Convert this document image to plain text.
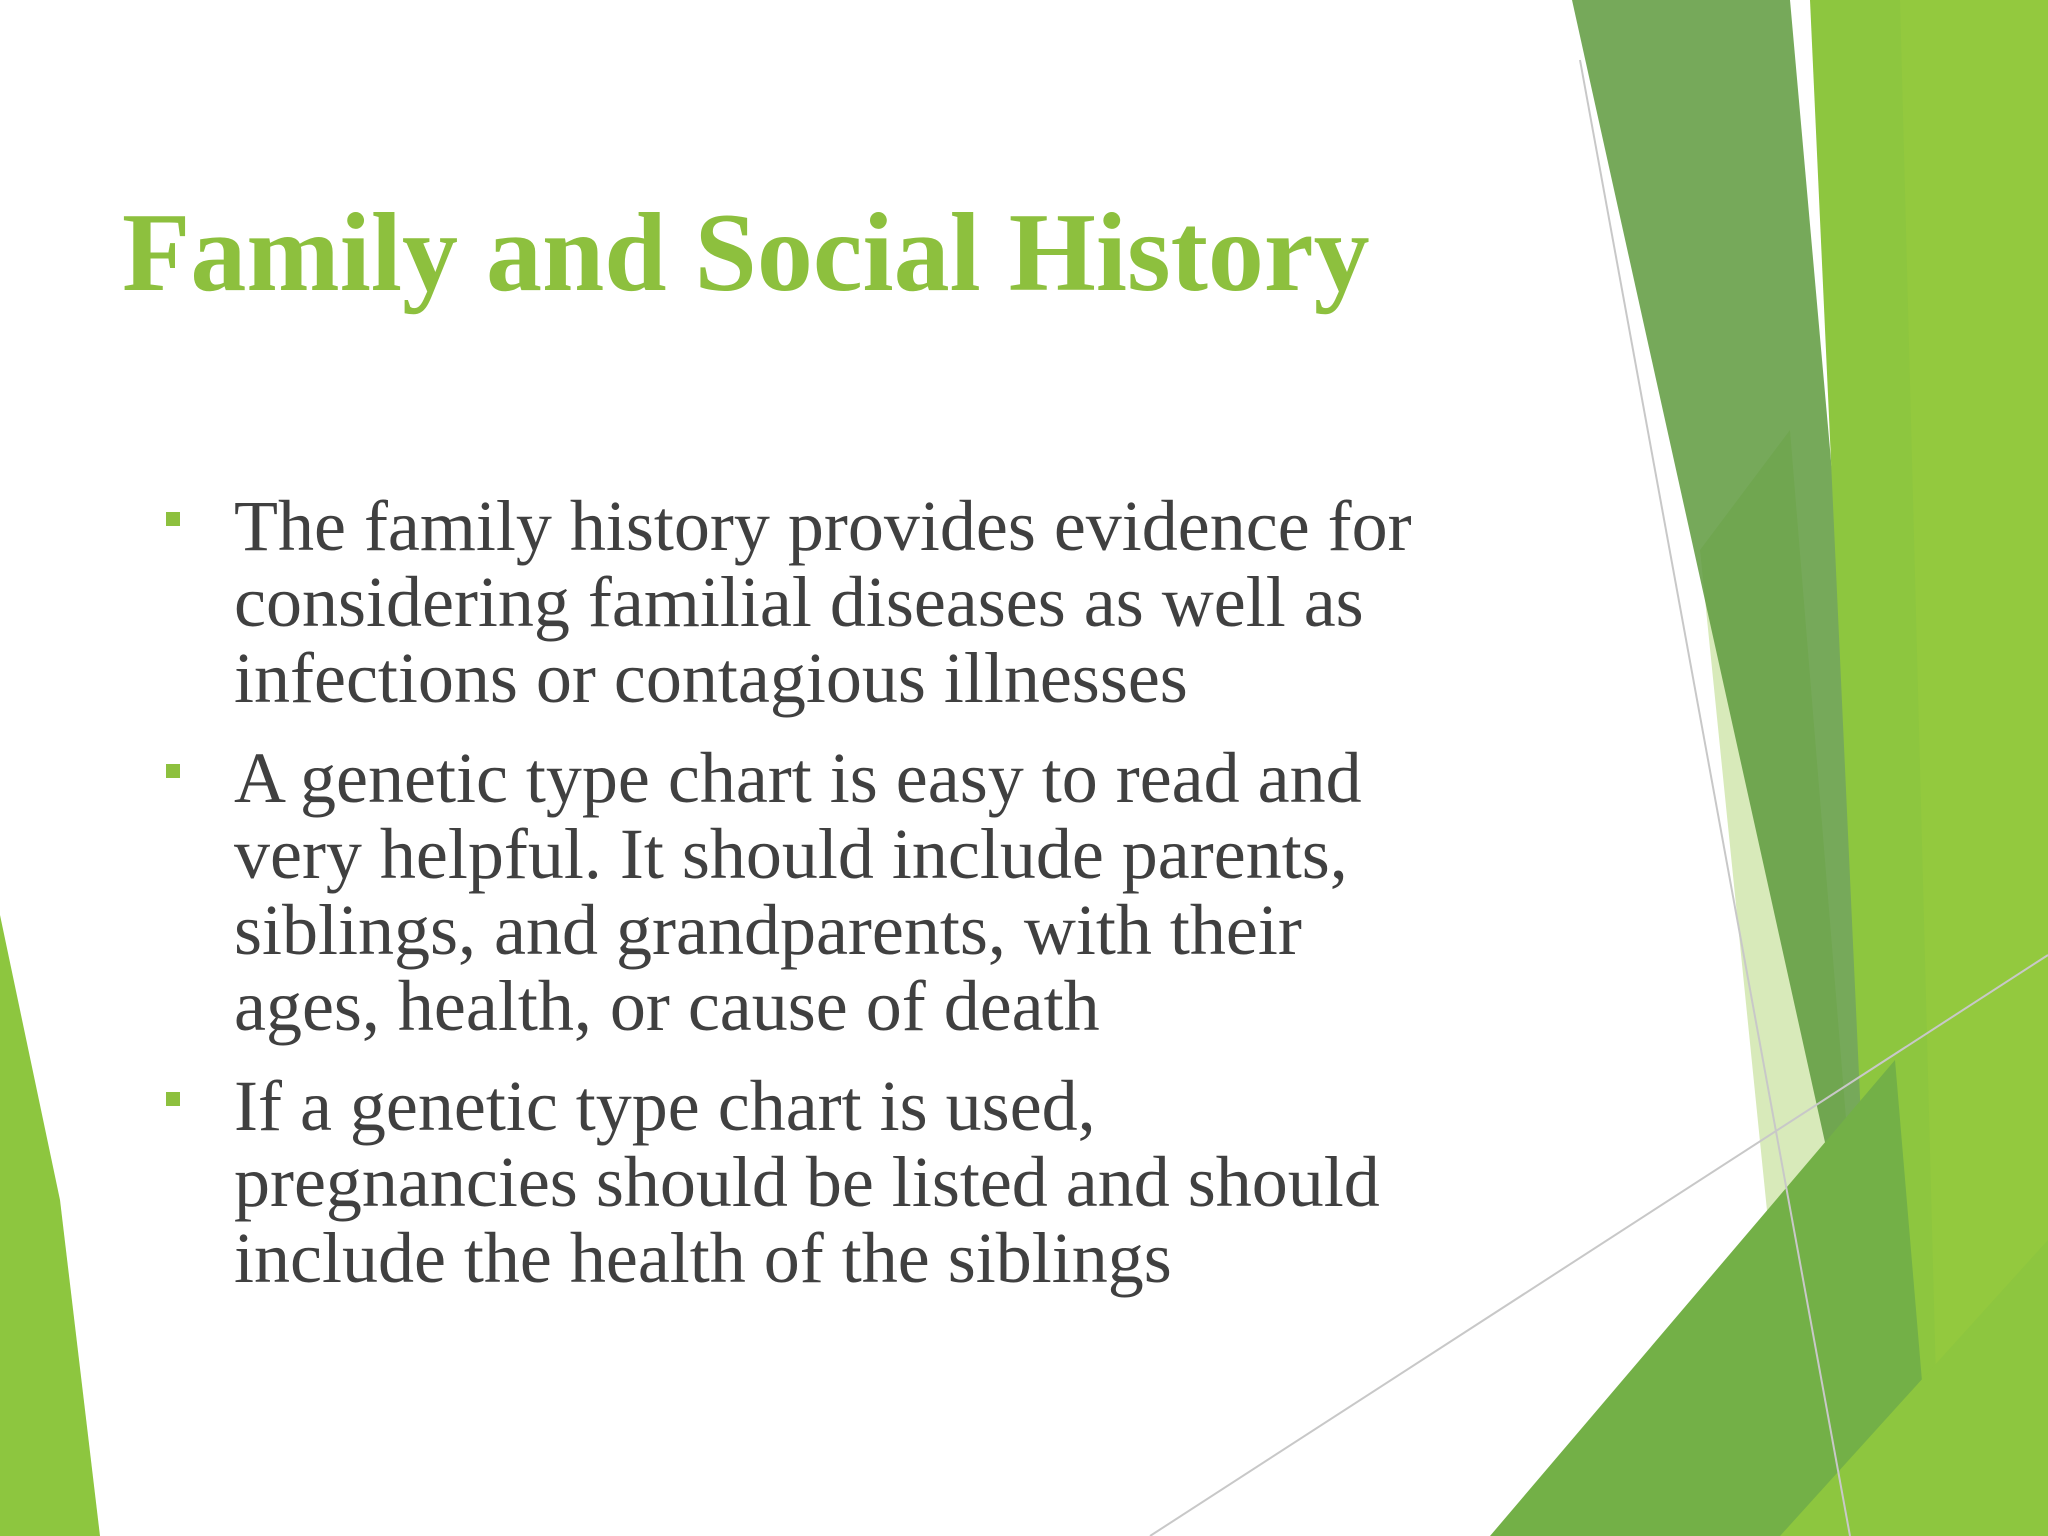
Family and Social History
The family history provides evidence for
considering familial diseases as well as
infections or contagious illnesses
A genetic type chart is easy to read and
very helpful. It should include parents,
siblings, and grandparents, with their
ages, health, or cause of death
If a genetic type chart is used,
pregnancies should be listed and should
include the health of the siblings
